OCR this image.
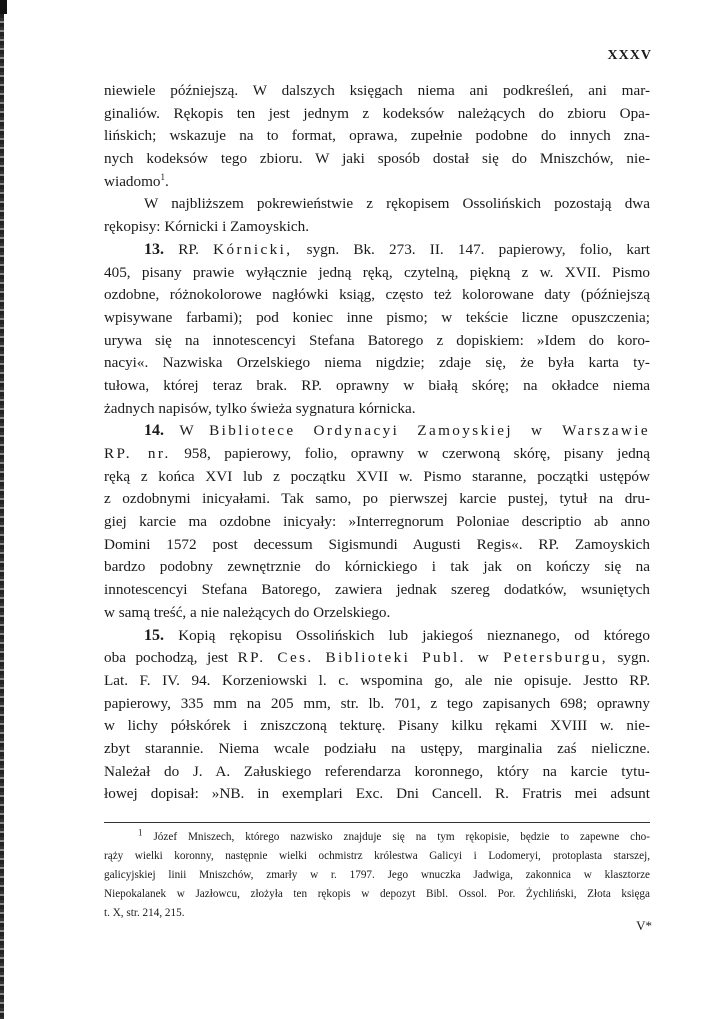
XXXV
niewiele późniejszą. W dalszych księgach niema ani podkreśleń, ani mar-
ginaliów. Rękopis ten jest jednym z kodeksów należących do zbioru Opa-
lińskich; wskazuje na to format, oprawa, zupełnie podobne do innych zna-
nych kodeksów tego zbioru. W jaki sposób dostał się do Mniszchów, nie-
wiadomo$^1$.
W najbliższem pokrewieństwie z rękopisem Ossolińskich pozostają dwa
rękopisy: Kórnicki i Zamoyskich.
13. RP. Kórnicki, sygn. Bk. 273. II. 147. papierowy, folio, kart
405, pisany prawie wyłącznie jedną ręką, czytelną, piękną z w. XVII. Pismo
ozdobne, różnokolorowe nagłówki ksiąg, często też kolorowane daty (późniejszą
wpisywane farbami); pod koniec inne pismo; w tekście liczne opuszczenia;
urywa się na innotescencyi Stefana Batorego z dopiskiem: »Idem do koro-
nacyi«. Nazwiska Orzelskiego niema nigdzie; zdaje się, że była karta ty-
tułowa, której teraz brak. RP. oprawny w białą skórę; na okładce niema
żadnych napisów, tylko świeża sygnatura kórnicka.
14. W Bibliotece Ordynacyi Zamoyskiej w Warszawie
RP. nr. 958, papierowy, folio, oprawny w czerwoną skórę, pisany jedną
ręką z końca XVI lub z początku XVII w. Pismo staranne, początki ustępów
z ozdobnymi inicyałami. Tak samo, po pierwszej karcie pustej, tytuł na dru-
giej karcie ma ozdobne inicyały: »Interregnorum Poloniae descriptio ab anno
Domini 1572 post decessum Sigismundi Augusti Regis«. RP. Zamoyskich
bardzo podobny zewnętrznie do kórnickiego i tak jak on kończy się na
innotescencyi Stefana Batorego, zawiera jednak szereg dodatków, wsuniętych
w samą treść, a nie należących do Orzelskiego.
15. Kopią rękopisu Ossolińskich lub jakiegoś nieznanego, od którego
oba pochodzą, jest RP. Ces. Biblioteki Publ. w Petersburgu, sygn.
Lat. F. IV. 94. Korzeniowski l. c. wspomina go, ale nie opisuje. Jestto RP.
papierowy, 335 mm na 205 mm, str. lb. 701, z tego zapisanych 698; oprawny
w lichy półskórek i zniszczoną tekturę. Pisany kilku rękami XVIII w. nie-
zbyt starannie. Niema wcale podziału na ustępy, marginalia zaś nieliczne.
Należał do J. A. Załuskiego referendarza koronnego, który na karcie tytu-
łowej dopisał: »NB. in exemplari Exc. Dni Cancell. R. Fratris mei adsunt
$^1$ Józef Mniszech, którego nazwisko znajduje się na tym rękopisie, będzie to zapewne cho-
rąży wielki koronny, następnie wielki ochmistrz królestwa Galicyi i Lodomeryi, protoplasta starszej,
galicyjskiej linii Mniszchów, zmarły w r. 1797. Jego wnuczka Jadwiga, zakonnica w klasztorze
Niepokalanek w Jazłowcu, złożyła ten rękopis w depozyt Bibl. Ossol. Por. Żychliński, Złota księga
t. X, str. 214, 215.
V*
